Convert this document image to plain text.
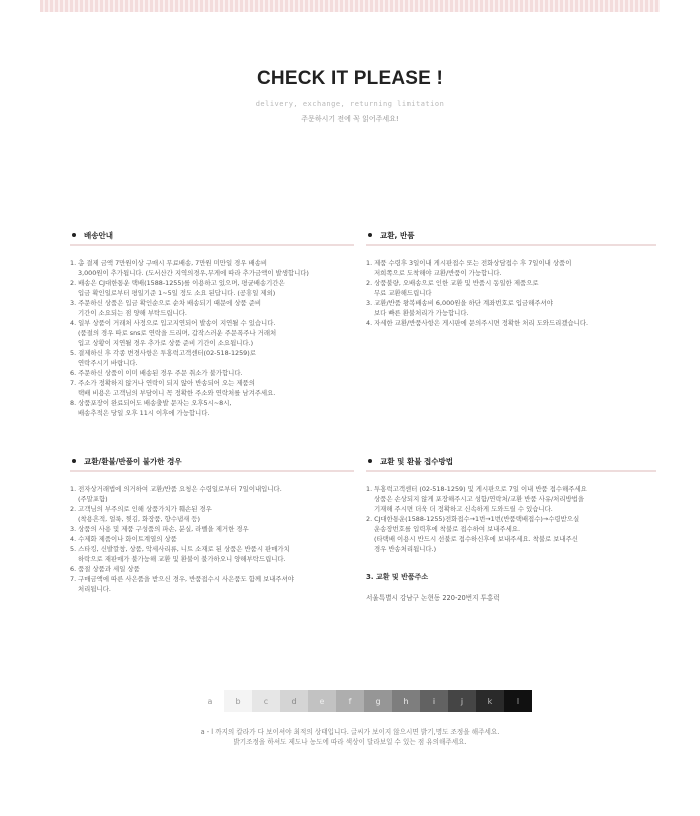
CHECK IT PLEASE !
delivery, exchange, returning limitation
주문하시기 전에 꼭 읽어주세요!
배송안내
1. 총 결제 금액 7만원이상 구매시 무료배송, 7만원 미만일 경우 배송비
3,000원이 추가됩니다. (도서산간 지역의경우,무게에 따라 추가금액이 발생합니다)
2. 배송은 CJ대한통운 택배(1588-1255)를 이용하고 있으며, 평균배송기간은
입금 확인일로부터 평일기준 1~5일 정도 소요 된답니다. (공휴일 제외)
3. 주문하신 상품은 입금 확인순으로 순차 배송되기 때문에 상품 준비
기간이 소요되는 점 양해 부탁드립니다.
4. 일부 상품이 거래처 사정으로 입고지연되어 발송이 지연될 수 있습니다.
(품절의 경우 따로 sns로 연락을 드리며, 갑작스러운 주문폭주나 거래처
입고 상황이 지연될 경우 추가로 상품 준비 기간이 소요됩니다.)
5. 결제하신 후 각종 변경사항은 투홍럭고객센터(02-518-1259)로
연락주시기 바랍니다.
6. 주문하신 상품이 이미 배송된 경우 주문 취소가 불가합니다.
7. 주소가 정확하지 않거나 연락이 되지 않아 반송되어 오는 제품의
택배 비용은 고객님의 부담이니 꼭 정확한 주소와 연락처를 남겨주세요.
8. 상품포장이 완료되어도 배송출발 문자는 오후5시~8시,
배송추적은 당일 오후 11시 이후에 가능합니다.
교환, 반품
1. 제품 수령후 3일이내 게시판접수 또는 전화상담접수 후 7일이내 상품이
저희쪽으로 도착해야 교환/반품이 가능합니다.
2. 상품불량, 오배송으로 인한 교환 및 반품시 동일한 제품으로
무료 교환해드립니다
3. 교환/반품 왕복배송비 6,000원을 하단 계좌번호로 입금해주셔야
보다 빠른 환불처리가 가능합니다.
4. 자세한 교환/반품사항은 게시판에 문의주시면 정확한 처리 도와드리겠습니다.
교환/환불/반품이 불가한 경우
1. 전자상거래법에 의거하여 교환/반품 요청은 수령일로부터 7일이내입니다.
(주말포함)
2. 고객님의 부주의로 인해 상품가치가 훼손된 경우
(착용흔적, 얼룩, 찢김, 화장품, 향수냄새 등)
3. 상품의 사용 및 제품 구성품의 파손, 분실, 라벨을 제거한 경우
4. 수제화 제품이나 화이트계열의 상품
5. 스타킹, 신발깔창, 상품, 악세사리류, 니트 소재로 된 상품은 반품시 판매가치
하락으로 재판매가 불가능해 교환 및 환불이 불가하오니 양해부탁드립니다.
6. 품절 상품과 세일 상품
7. 구매금액에 따른 사은품을 받으신 경우, 반품접수시 사은품도 함께 보내주셔야
처리됩니다.
교환 및 환불 접수방법
1. 투홍럭고객센터 (02-518-1259) 및 게시판으로 7일 이내 반품 접수해주세요
상품은 손상되지 않게 포장해주시고 성함/연락처/교환 반품 사유/처리방법을
기재해 주시면 더욱 더 정확하고 신속하게 도와드릴 수 있습니다.
2. CJ대한통운(1588-1255)전화접수→1번→1번(반품택배접수)→수령받으실
운송장번호를 입력후에 착불로 접수하여 보내주세요.
(타택배 이용시 반드시 선불로 접수하신후에 보내주세요. 착불로 보내주신
경우 반송처리됩니다.)
3. 교환 및 반품주소
서울특별시 강남구 논현동 220-20번지 투홍럭
a	b	c	d	e	f	g	h	i	j	k	l
a - l 까지의 칼라가 다 보이셔야 최적의 상태입니다. 글씨가 보이지 않으시면 밝기,명도 조정을 해주세요.
밝기조정을 하셔도 제도나 농도에 따라 색상이 달라보일 수 있는 점 유의해주세요.
